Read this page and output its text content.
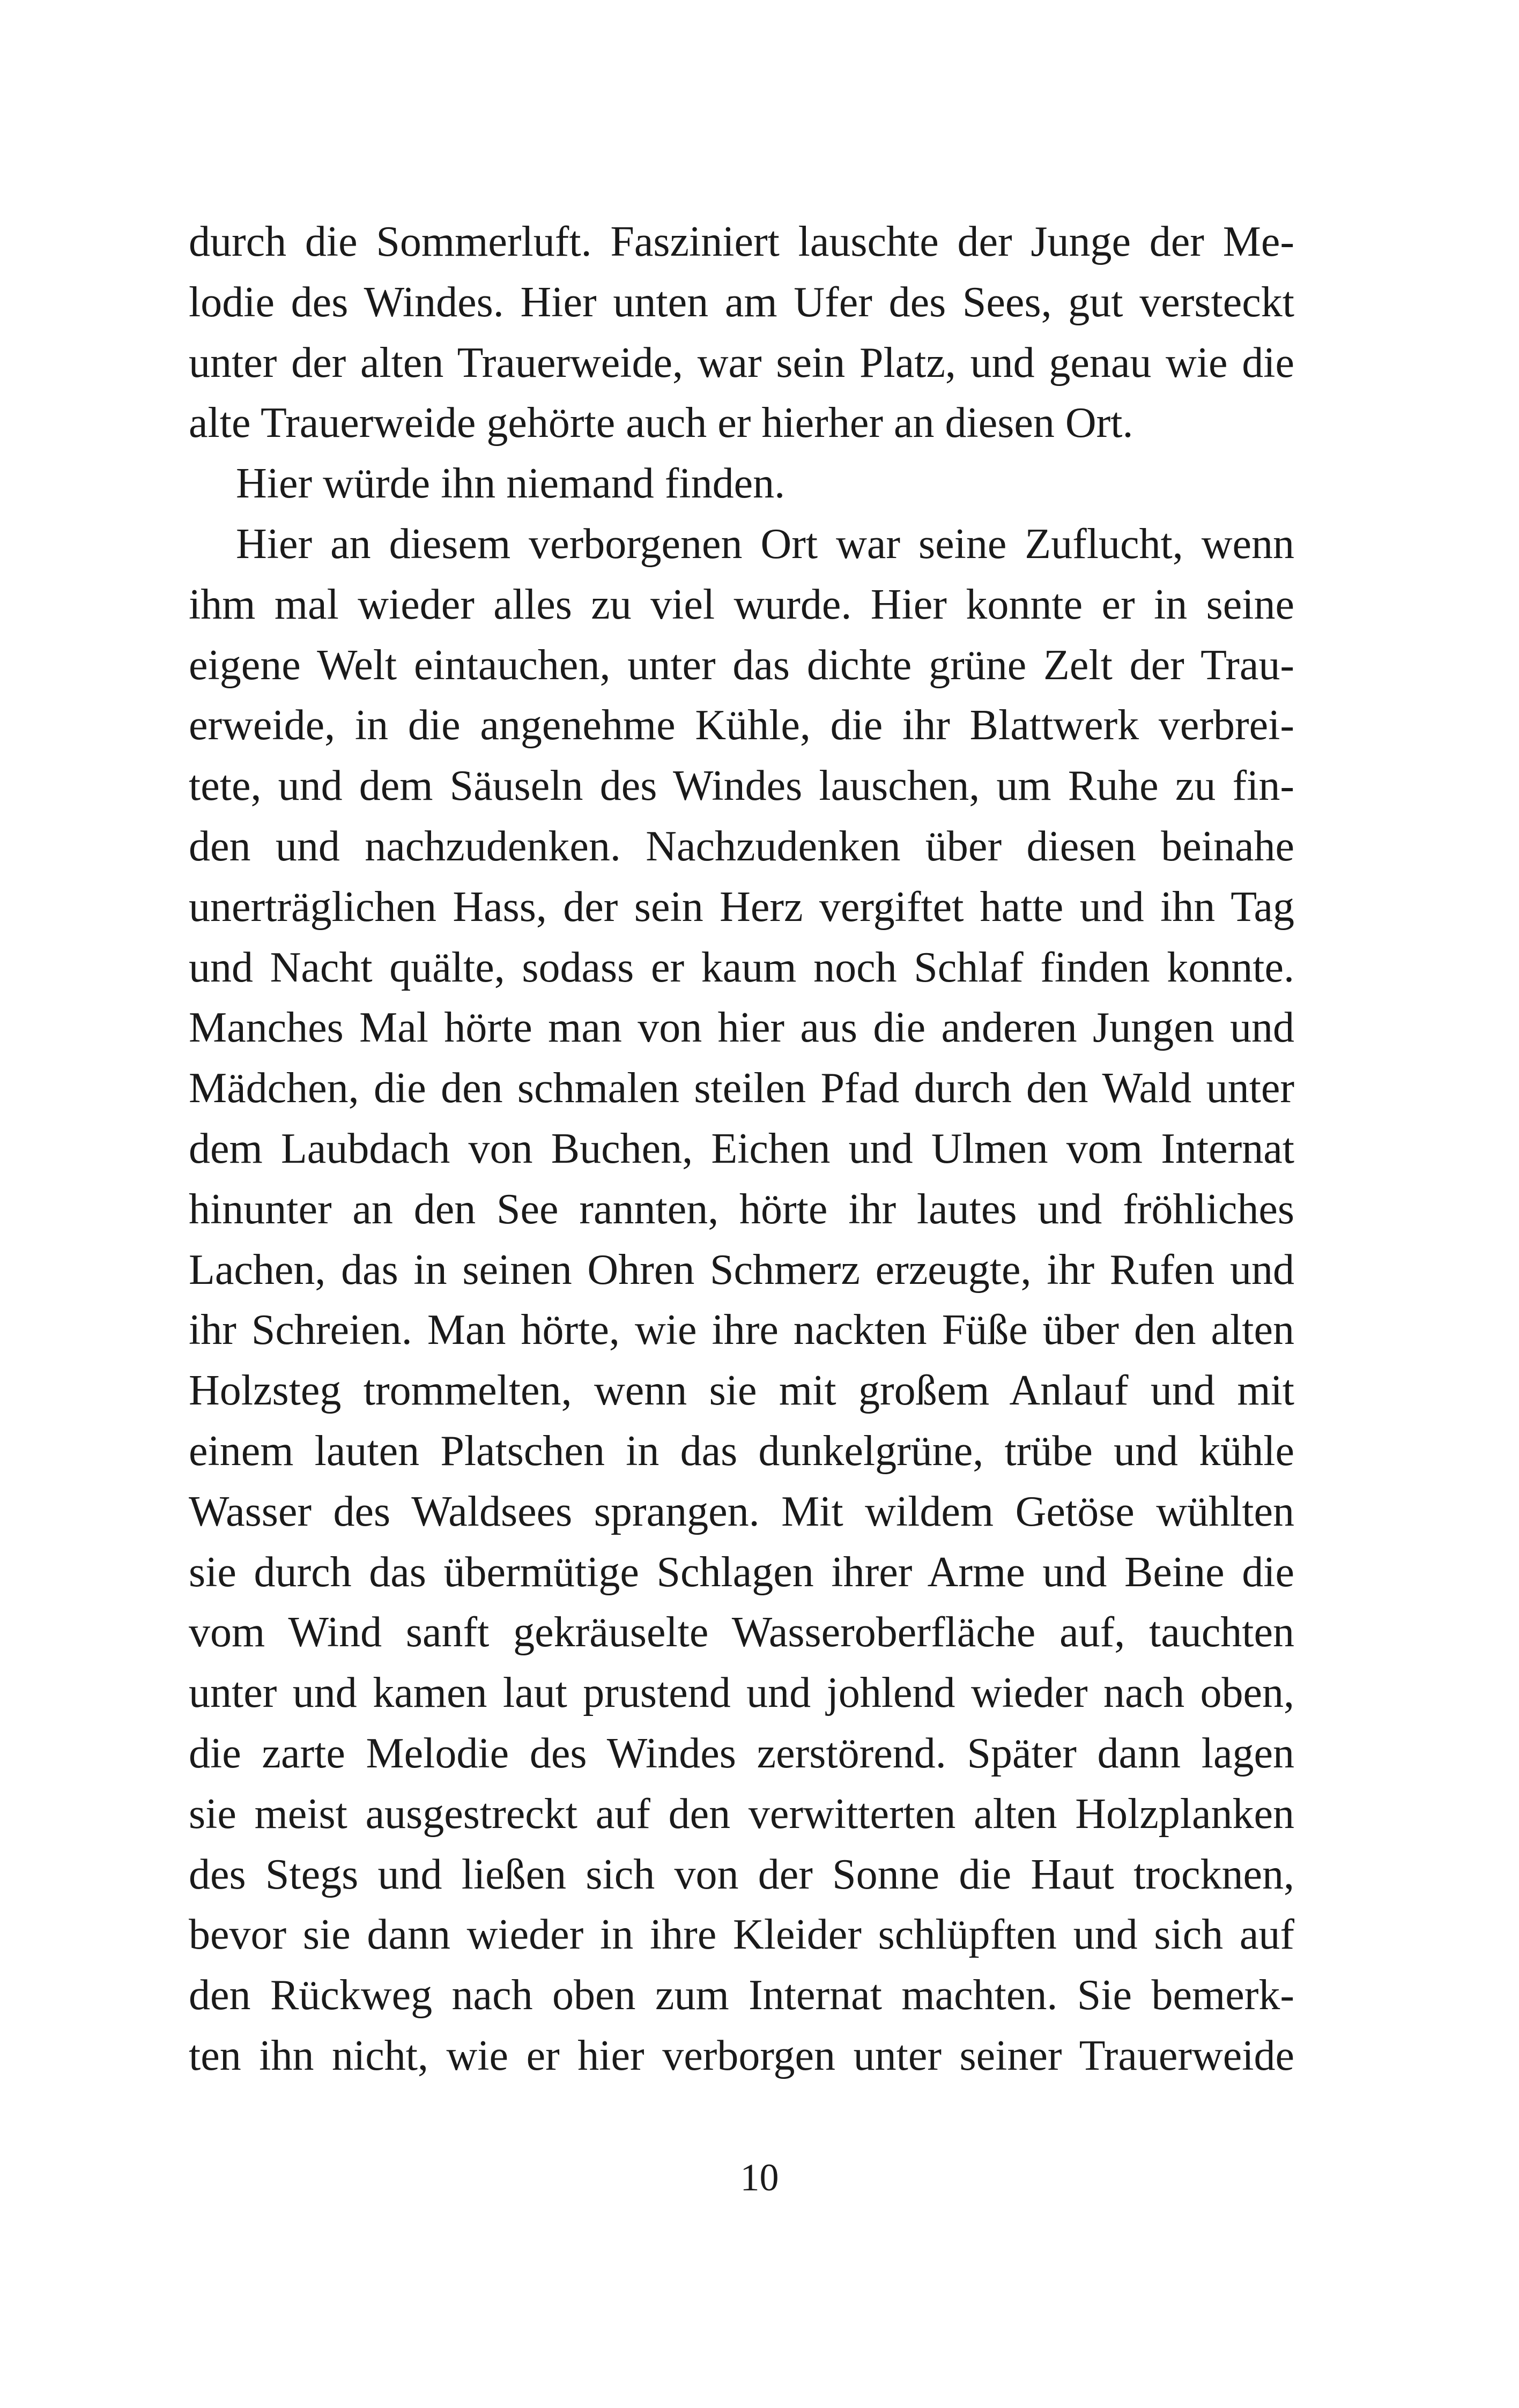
durch die Sommerluft. Fasziniert lauschte der Junge der Me-
lodie des Windes. Hier unten am Ufer des Sees, gut versteckt
unter der alten Trauerweide, war sein Platz, und genau wie die
alte Trauerweide gehörte auch er hierher an diesen Ort.
Hier würde ihn niemand finden.
Hier an diesem verborgenen Ort war seine Zuflucht, wenn
ihm mal wieder alles zu viel wurde. Hier konnte er in seine
eigene Welt eintauchen, unter das dichte grüne Zelt der Trau-
erweide, in die angenehme Kühle, die ihr Blattwerk verbrei-
tete, und dem Säuseln des Windes lauschen, um Ruhe zu fin-
den und nachzudenken. Nachzudenken über diesen beinahe
unerträglichen Hass, der sein Herz vergiftet hatte und ihn Tag
und Nacht quälte, sodass er kaum noch Schlaf finden konnte.
Manches Mal hörte man von hier aus die anderen Jungen und
Mädchen, die den schmalen steilen Pfad durch den Wald unter
dem Laubdach von Buchen, Eichen und Ulmen vom Internat
hinunter an den See rannten, hörte ihr lautes und fröhliches
Lachen, das in seinen Ohren Schmerz erzeugte, ihr Rufen und
ihr Schreien. Man hörte, wie ihre nackten Füße über den alten
Holzsteg trommelten, wenn sie mit großem Anlauf und mit
einem lauten Platschen in das dunkelgrüne, trübe und kühle
Wasser des Waldsees sprangen. Mit wildem Getöse wühlten
sie durch das übermütige Schlagen ihrer Arme und Beine die
vom Wind sanft gekräuselte Wasseroberfläche auf, tauchten
unter und kamen laut prustend und johlend wieder nach oben,
die zarte Melodie des Windes zerstörend. Später dann lagen
sie meist ausgestreckt auf den verwitterten alten Holzplanken
des Stegs und ließen sich von der Sonne die Haut trocknen,
bevor sie dann wieder in ihre Kleider schlüpften und sich auf
den Rückweg nach oben zum Internat machten. Sie bemerk-
ten ihn nicht, wie er hier verborgen unter seiner Trauerweide
10
